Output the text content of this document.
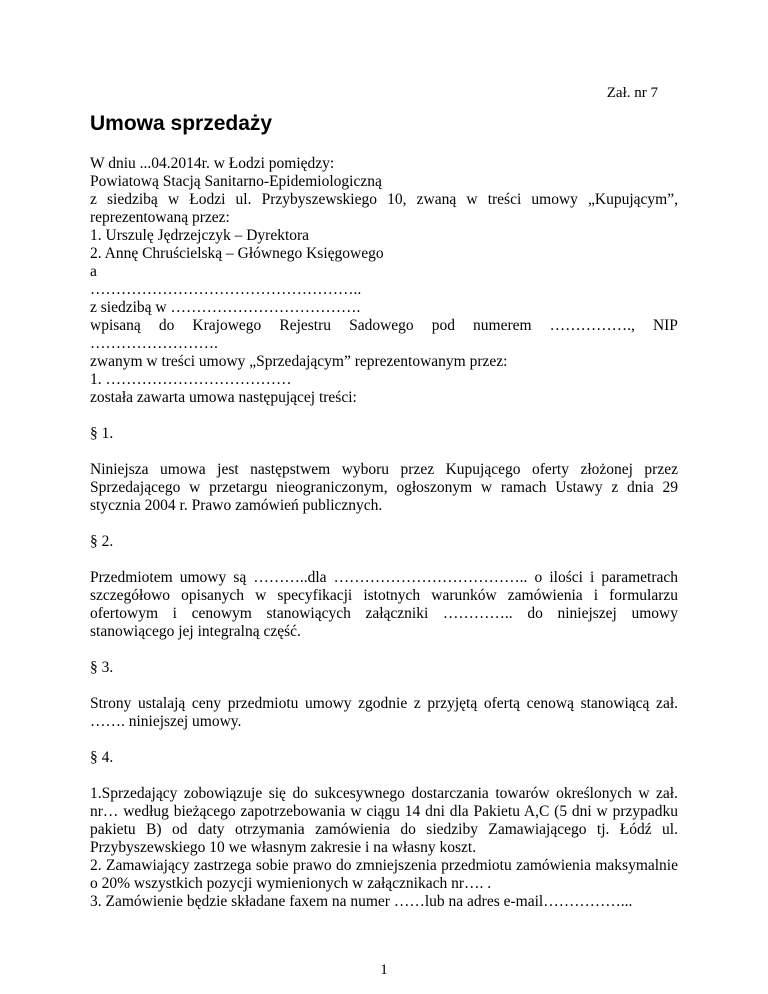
Zał. nr 7
Umowa sprzedaży

W dniu ...04.2014r. w Łodzi pomiędzy:

Powiatową Stacją Sanitarno-Epidemiologiczną

z siedzibą w Łodzi ul. Przybyszewskiego 10, zwaną w treści umowy „Kupującym”, reprezentowaną przez:

1. Urszulę Jędrzejczyk – Dyrektora

2. Annę Chruścielską – Głównego Księgowego

a

……………………………………………..

z siedzibą w ……………………………….

wpisaną do Krajowego Rejestru Sadowego pod numerem ……………., NIP

…………………….

zwanym w treści umowy „Sprzedającym” reprezentowanym przez:

1. ………………………………

została zawarta umowa następującej treści:

§ 1.

Niniejsza umowa jest następstwem wyboru przez Kupującego oferty złożonej przez Sprzedającego w przetargu nieograniczonym, ogłoszonym w ramach Ustawy z dnia 29 stycznia 2004 r. Prawo zamówień publicznych.

§ 2.

Przedmiotem umowy są ………..dla ……………………………….. o ilości i parametrach szczegółowo opisanych w specyfikacji istotnych warunków zamówienia i formularzu ofertowym i cenowym stanowiących załączniki ………….. do niniejszej umowy stanowiącego jej integralną część.

§ 3.

Strony ustalają ceny przedmiotu umowy zgodnie z przyjętą ofertą cenową stanowiącą zał. ……. niniejszej umowy.

§ 4.

1.Sprzedający zobowiązuje się do sukcesywnego dostarczania towarów określonych w zał. nr… według bieżącego zapotrzebowania w ciągu 14 dni dla Pakietu A,C (5 dni w przypadku pakietu B) od daty otrzymania zamówienia do siedziby Zamawiającego tj. Łódź ul. Przybyszewskiego 10 we własnym zakresie i na własny koszt.

2. Zamawiający zastrzega sobie prawo do zmniejszenia przedmiotu zamówienia maksymalnie o 20% wszystkich pozycji wymienionych w załącznikach nr…. .

3. Zamówienie będzie składane faxem na numer ……lub na adres e-mail……………...

1
